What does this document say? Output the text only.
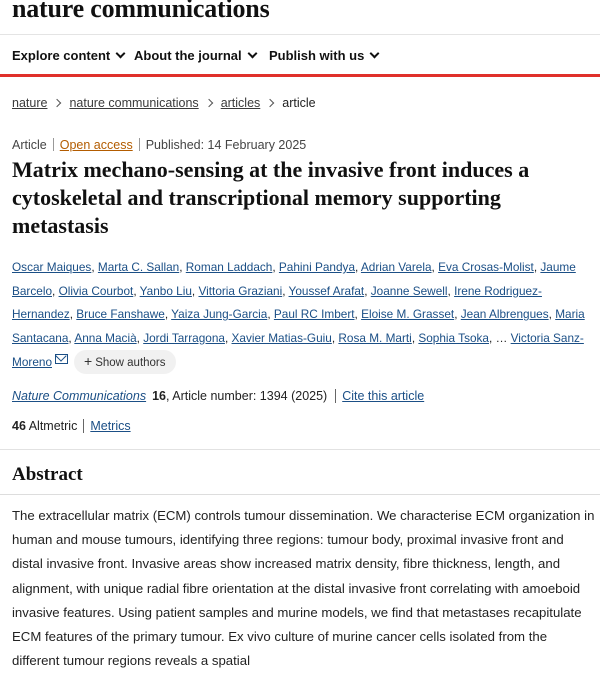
nature communications
Explore content	About the journal	Publish with us
nature nature communications articles article
Article Open access Published: 14 February 2025
Matrix mechano-sensing at the invasive front induces a cytoskeletal and transcriptional memory supporting metastasis
Oscar Maiques, Marta C. Sallan, Roman Laddach, Pahini Pandya, Adrian Varela, Eva Crosas-Molist, Jaume Barcelo, Olivia Courbot, Yanbo Liu, Vittoria Graziani, Youssef Arafat, Joanne Sewell, Irene Rodriguez-Hernandez, Bruce Fanshawe, Yaiza Jung-Garcia, Paul RC Imbert, Eloise M. Grasset, Jean Albrengues, Maria Santacana, Anna Macià, Jordi Tarragona, Xavier Matias-Guiu, Rosa M. Marti, Sophia Tsoka, … Victoria Sanz-Moreno + Show authors
Nature Communications 16, Article number: 1394 (2025) Cite this article
46 Altmetric Metrics
Abstract

The extracellular matrix (ECM) controls tumour dissemination. We characterise ECM organization in human and mouse tumours, identifying three regions: tumour body, proximal invasive front and distal invasive front. Invasive areas show increased matrix density, fibre thickness, length, and alignment, with unique radial fibre orientation at the distal invasive front correlating with amoeboid invasive features. Using patient samples and murine models, we find that metastases recapitulate ECM features of the primary tumour. Ex vivo culture of murine cancer cells isolated from the different tumour regions reveals a spatial
